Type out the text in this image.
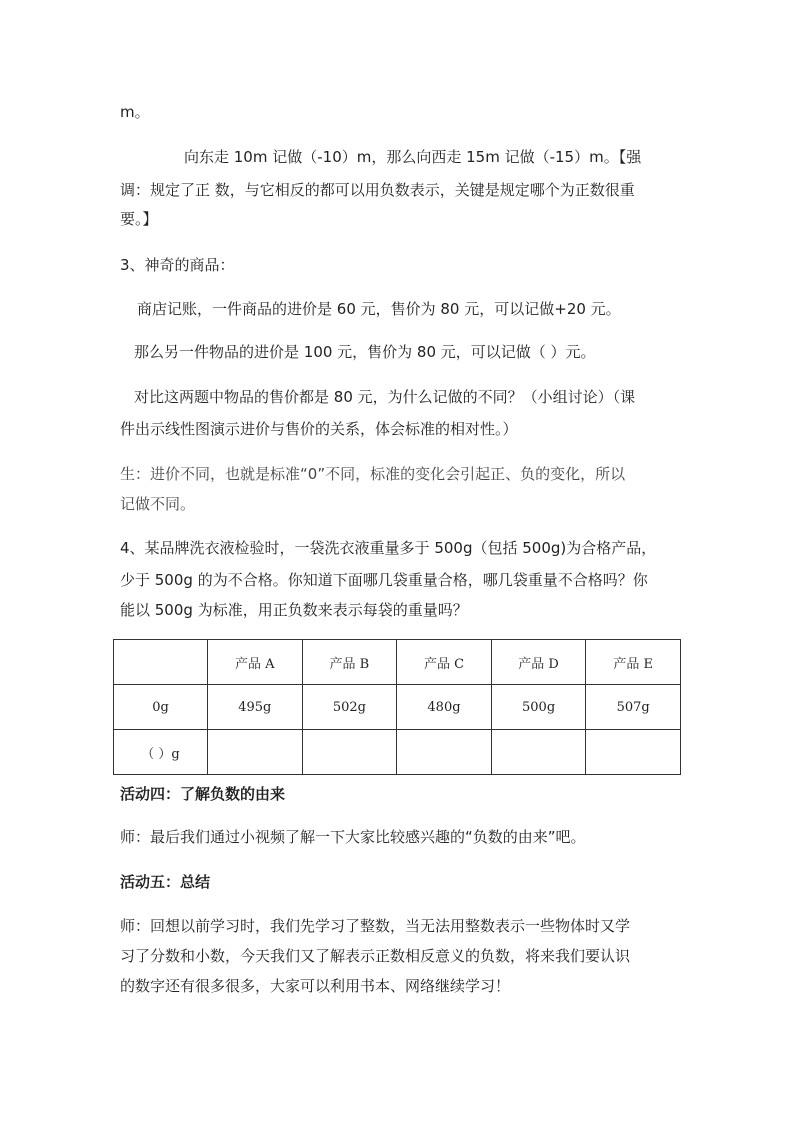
m。
向东走 10m 记做（-10）m，那么向西走 15m 记做（-15）m。【强
调：规定了正 数，与它相反的都可以用负数表示，关键是规定哪个为正数很重
要。】
3、神奇的商品：
商店记账，一件商品的进价是 60 元，售价为 80 元，可以记做+20 元。
那么另一件物品的进价是 100 元，售价为 80 元，可以记做（ ）元。
对比这两题中物品的售价都是 80 元，为什么记做的不同？（小组讨论）（课
件出示线性图演示进价与售价的关系，体会标准的相对性。）
生：进价不同，也就是标准“0”不同，标准的变化会引起正、负的变化，所以
记做不同。
4、某品牌洗衣液检验时，一袋洗衣液重量多于 500g（包括 500g)为合格产品，
少于 500g 的为不合格。你知道下面哪几袋重量合格，哪几袋重量不合格吗？你
能以 500g 为标准，用正负数来表示每袋的重量吗？
	产品 A	产品 B	产品 C	产品 D	产品 E
0g	495g	502g	480g	500g	507g
（ ）g					
活动四：了解负数的由来
师：最后我们通过小视频了解一下大家比较感兴趣的“负数的由来”吧。
活动五：总结
师：回想以前学习时，我们先学习了整数，当无法用整数表示一些物体时又学
习了分数和小数，今天我们又了解表示正数相反意义的负数，将来我们要认识
的数字还有很多很多，大家可以利用书本、网络继续学习！
